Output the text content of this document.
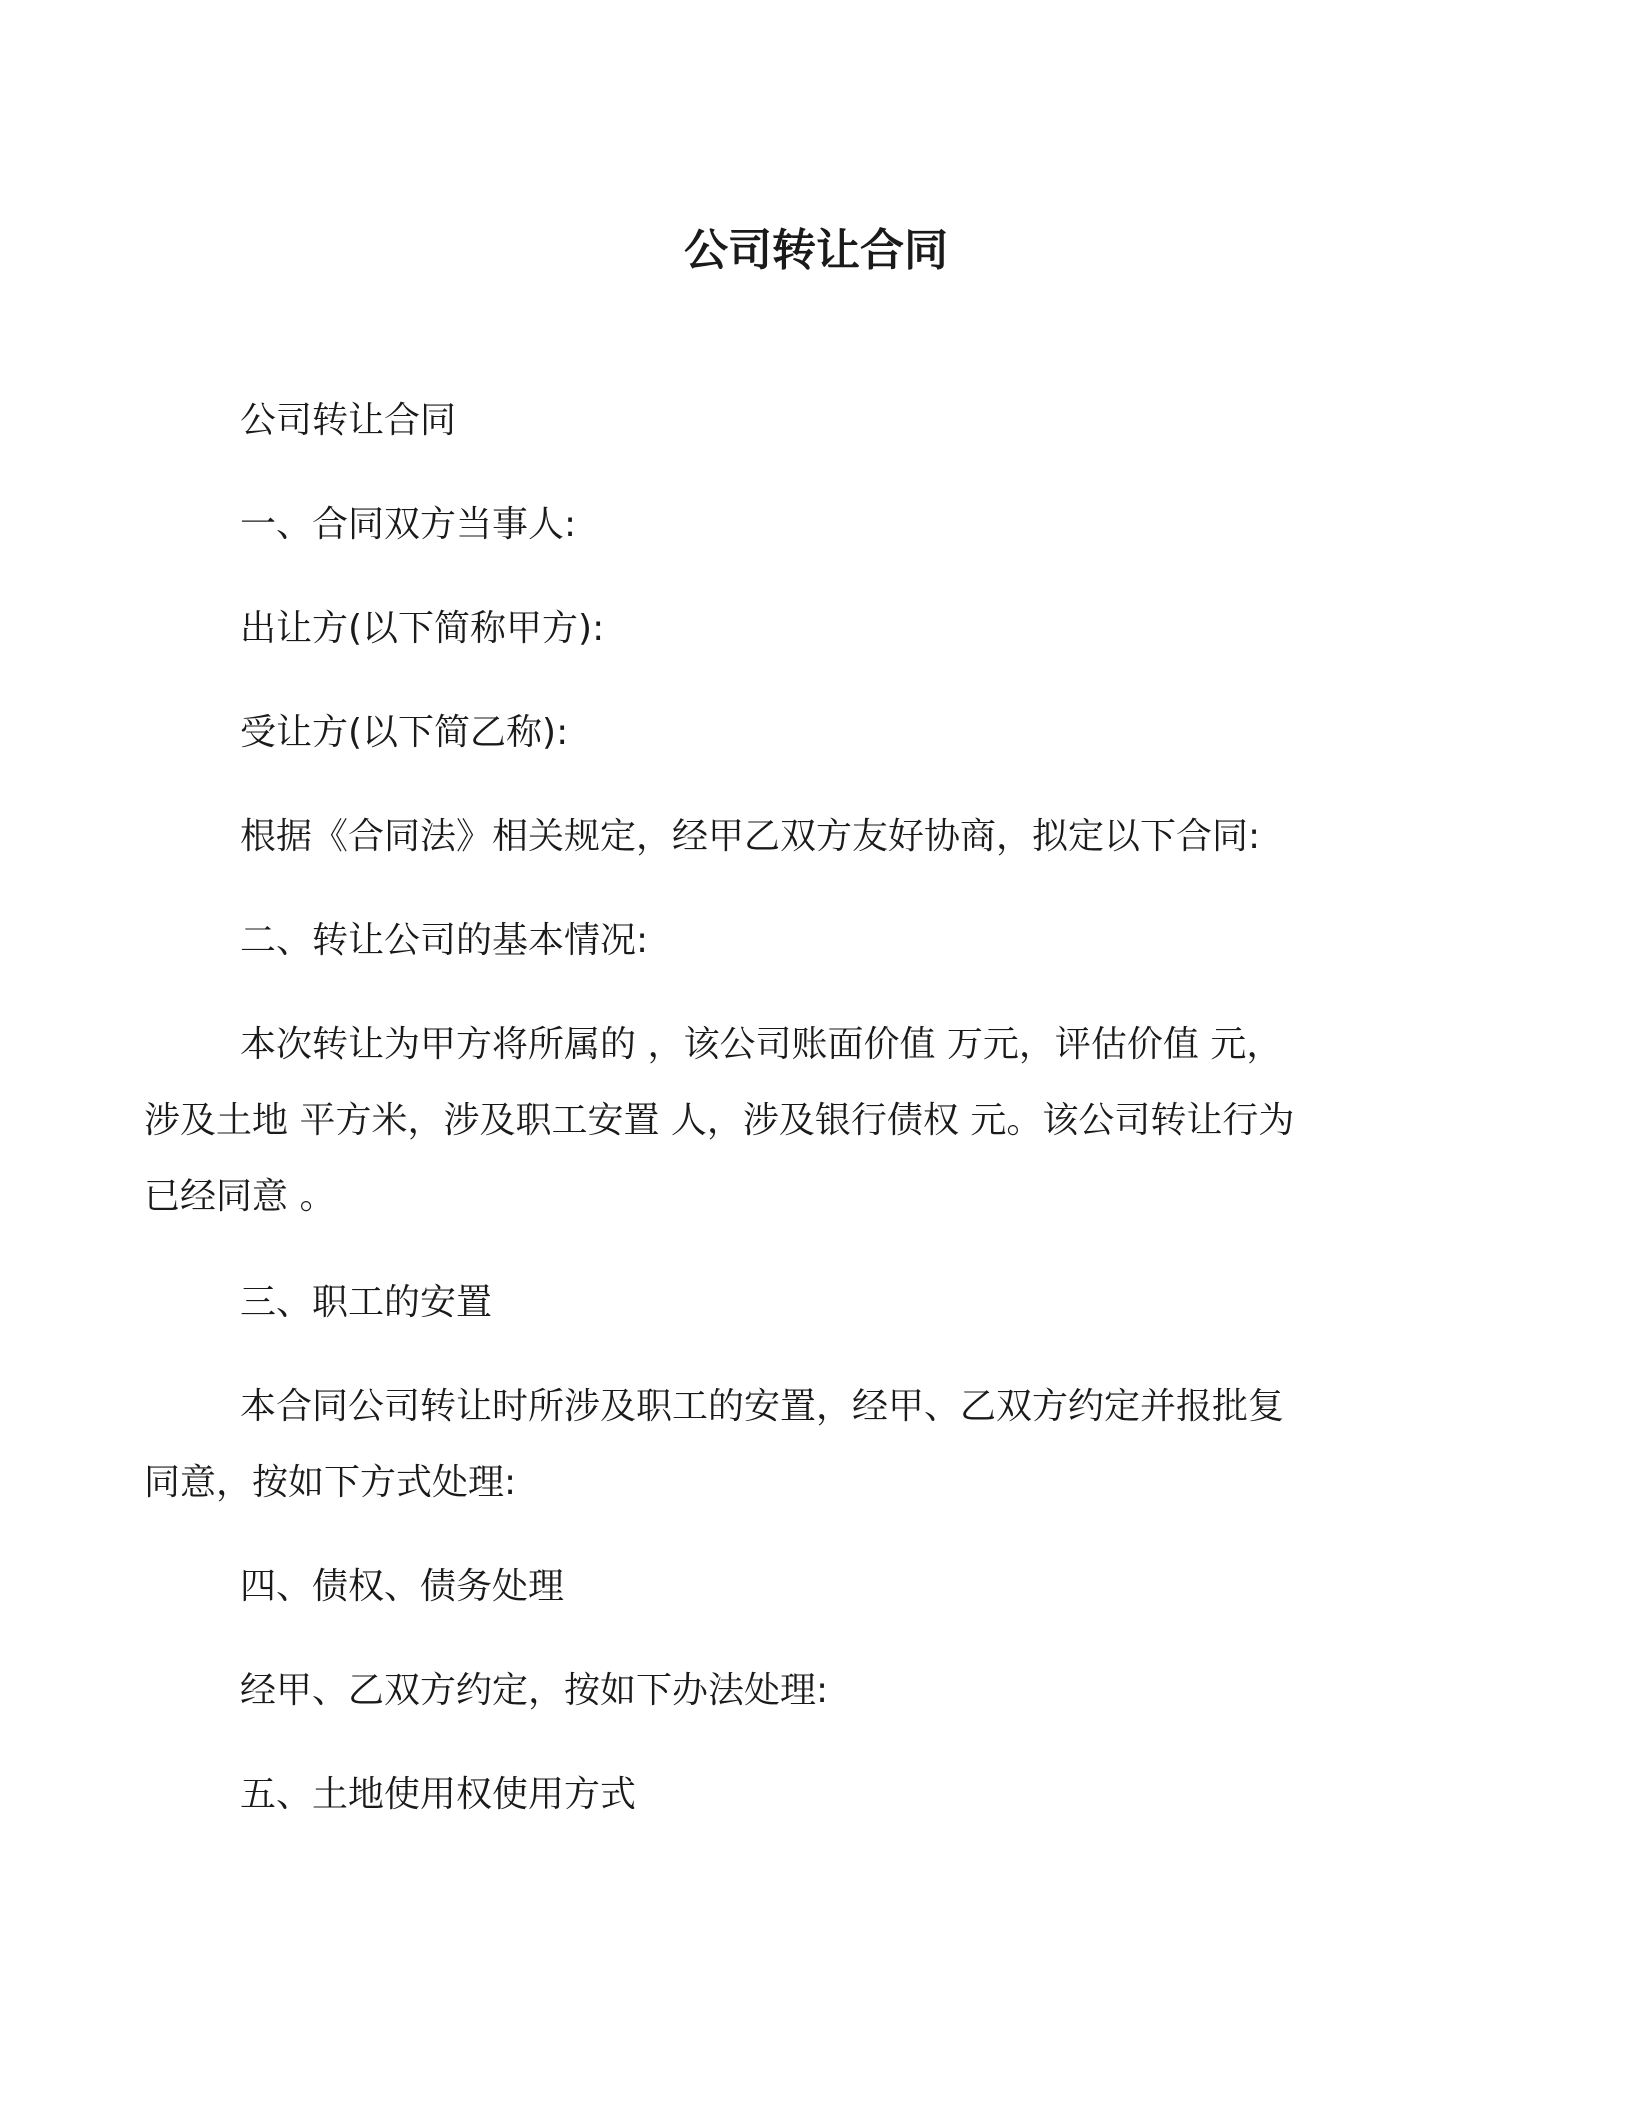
公司转让合同

公司转让合同

一、合同双方当事人:

出让方(以下简称甲方):

受让方(以下简乙称):

根据《合同法》相关规定，经甲乙双方友好协商，拟定以下合同:

二、转让公司的基本情况:

本次转让为甲方将所属的 ，该公司账面价值 万元，评估价值 元，涉及土地 平方米，涉及职工安置 人，涉及银行债权 元。该公司转让行为已经同意 。

三、职工的安置

本合同公司转让时所涉及职工的安置，经甲、乙双方约定并报批复同意，按如下方式处理:

四、债权、债务处理

经甲、乙双方约定，按如下办法处理:

五、土地使用权使用方式
